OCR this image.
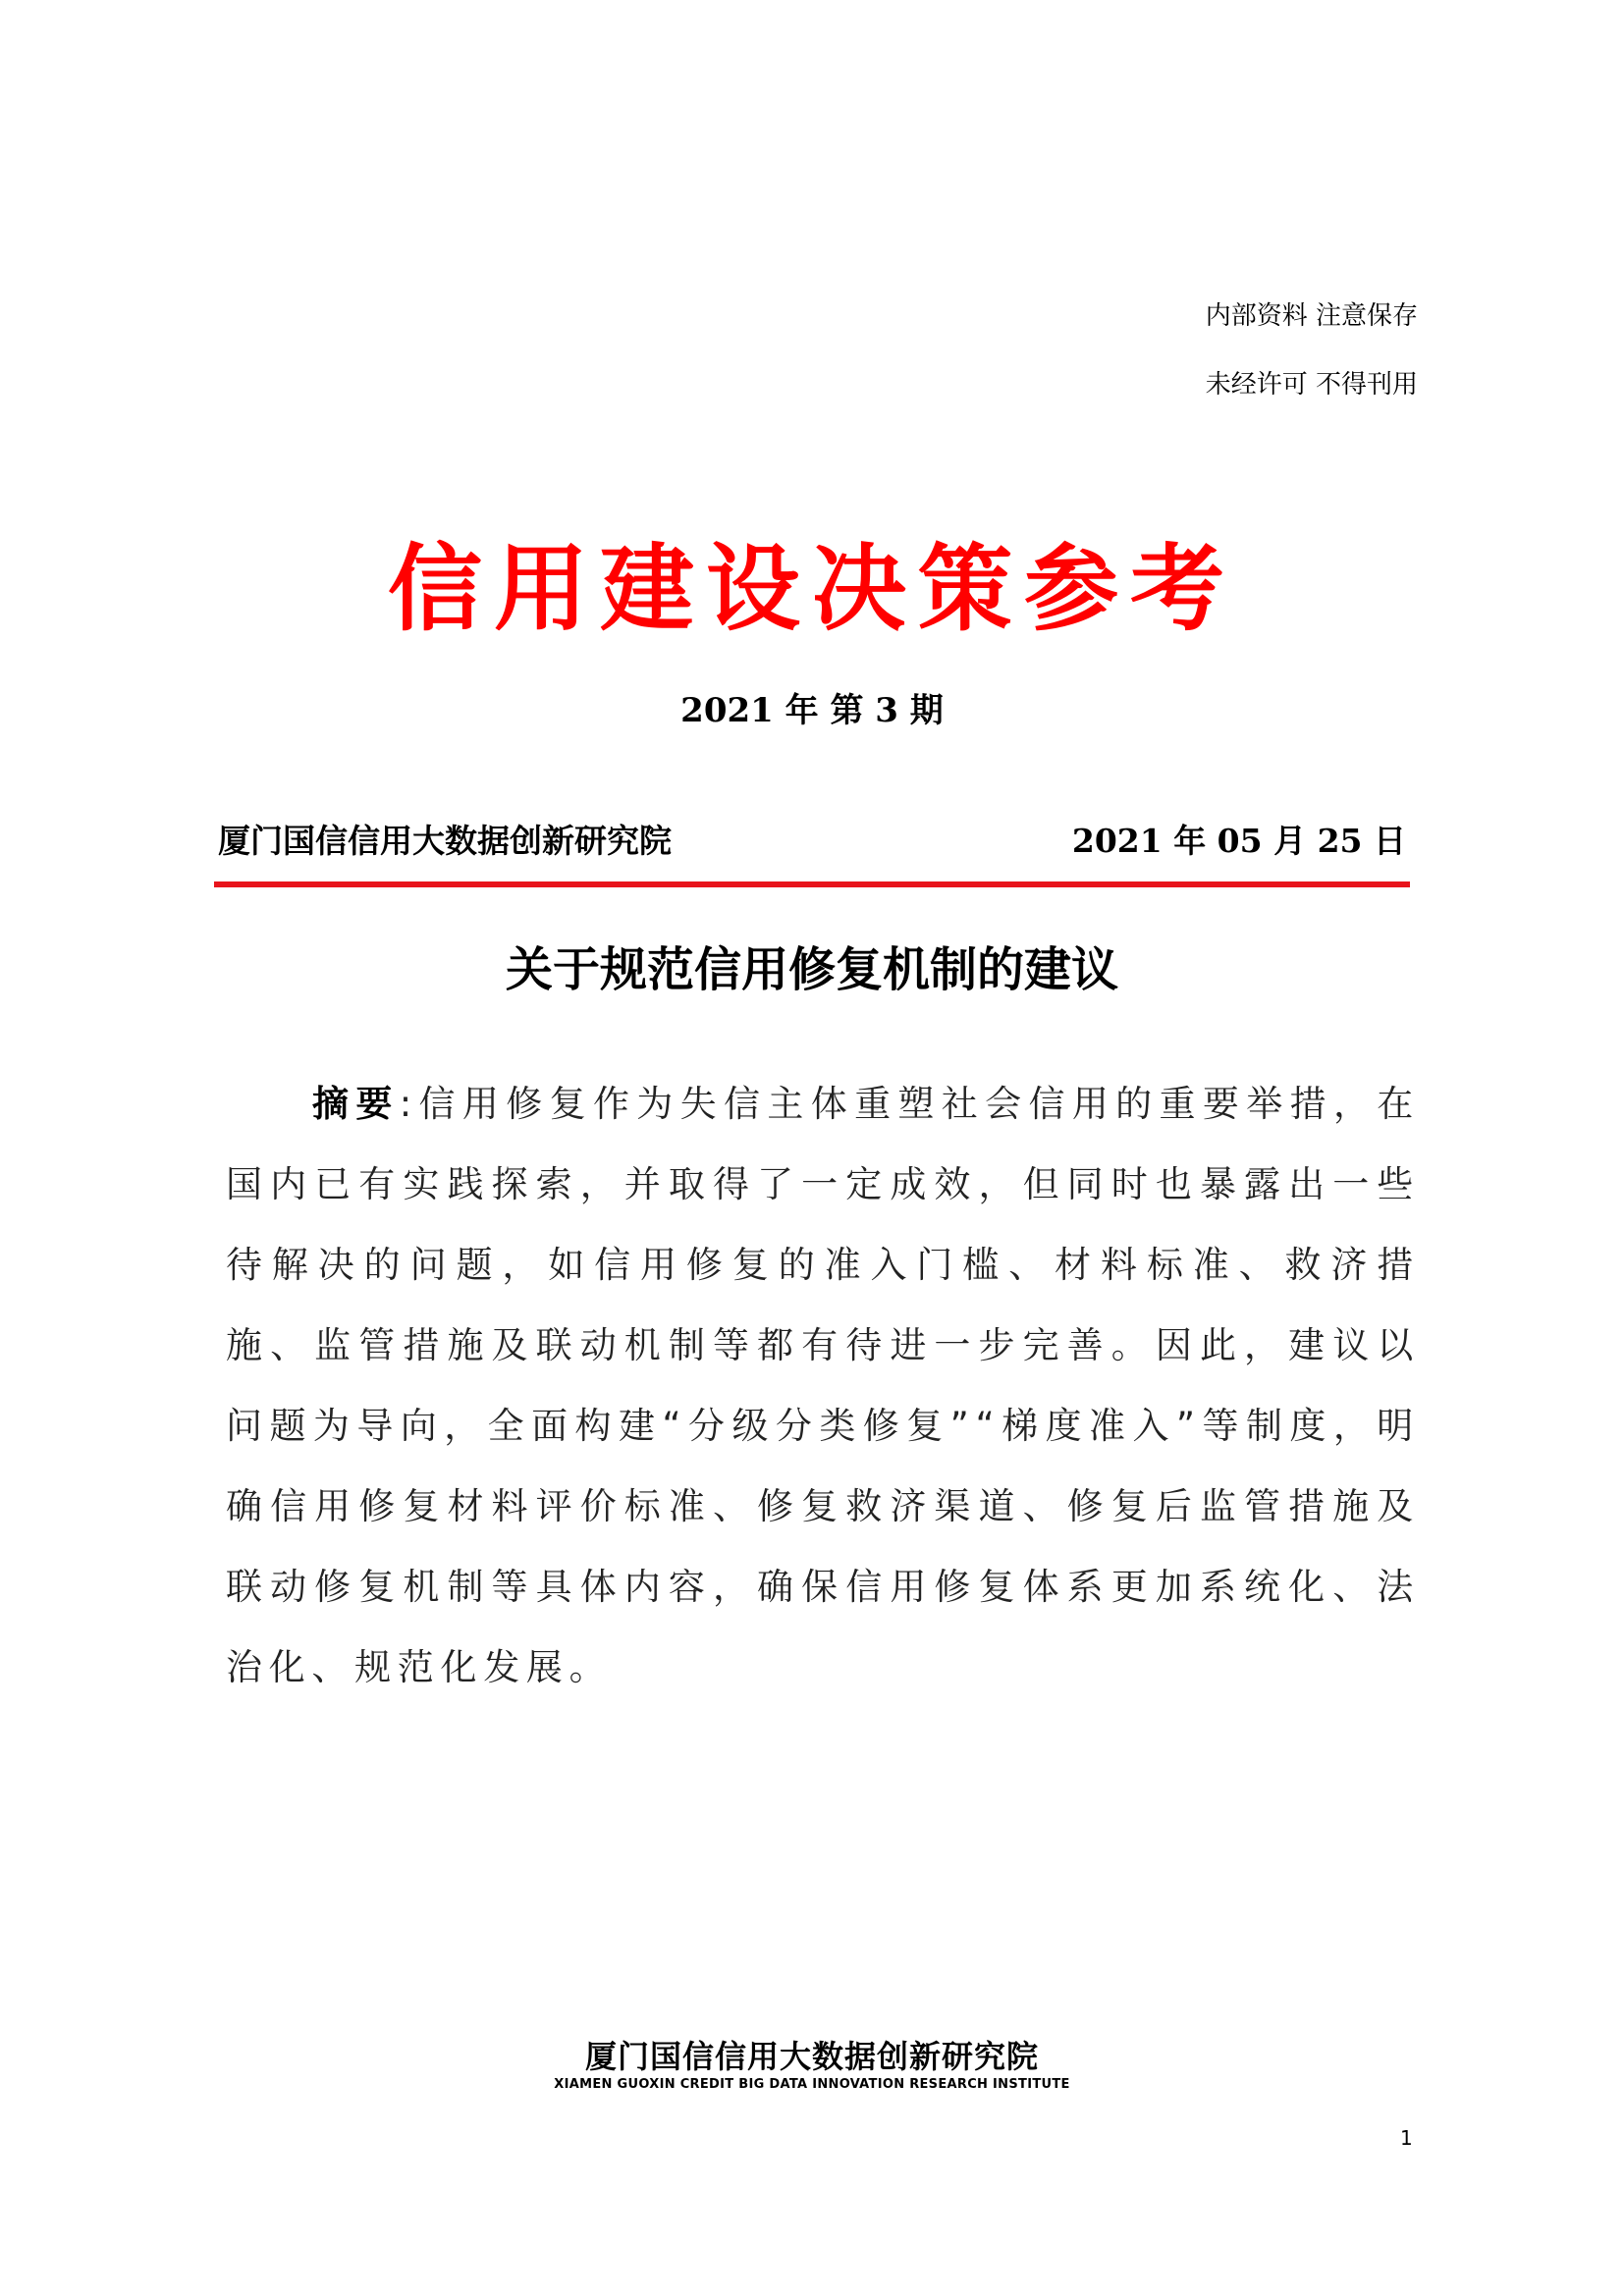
内部资料 注意保存
未经许可 不得刊用
信用建设决策参考
2021 年 第 3 期
厦门国信信用大数据创新研究院	2021 年 05 月 25 日
关于规范信用修复机制的建议

摘要:信用修复作为失信主体重塑社会信用的重要举措，在国内已有实践探索，并取得了一定成效，但同时也暴露出一些待解决的问题，如信用修复的准入门槛、材料标准、救济措施、监管措施及联动机制等都有待进一步完善。因此，建议以问题为导向，全面构建“分级分类修复”“梯度准入”等制度，明确信用修复材料评价标准、修复救济渠道、修复后监管措施及联动修复机制等具体内容，确保信用修复体系更加系统化、法治化、规范化发展。

厦门国信信用大数据创新研究院
XIAMEN GUOXIN CREDIT BIG DATA INNOVATION RESEARCH INSTITUTE
1
